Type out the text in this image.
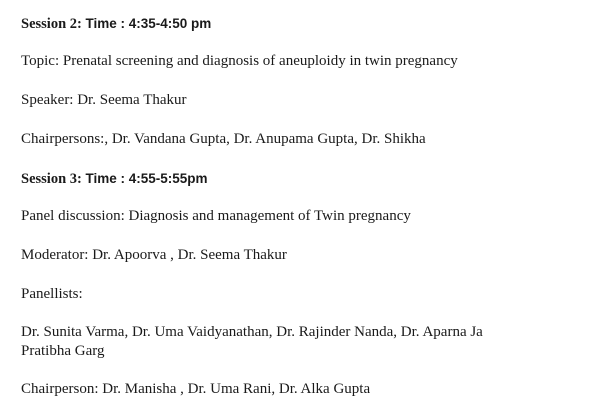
Session 2: Time : 4:35-4:50 pm
Topic: Prenatal screening and diagnosis of aneuploidy in twin pregnancy
Speaker: Dr. Seema Thakur
Chairpersons:, Dr. Vandana Gupta, Dr. Anupama Gupta, Dr. Shikha
Session 3: Time : 4:55-5:55pm
Panel discussion: Diagnosis and management of Twin pregnancy
Moderator: Dr. Apoorva , Dr. Seema Thakur
Panellists:
Dr. Sunita Varma, Dr. Uma Vaidyanathan, Dr. Rajinder Nanda, Dr. Aparna Ja
Pratibha Garg
Chairperson: Dr. Manisha , Dr. Uma Rani, Dr. Alka Gupta
